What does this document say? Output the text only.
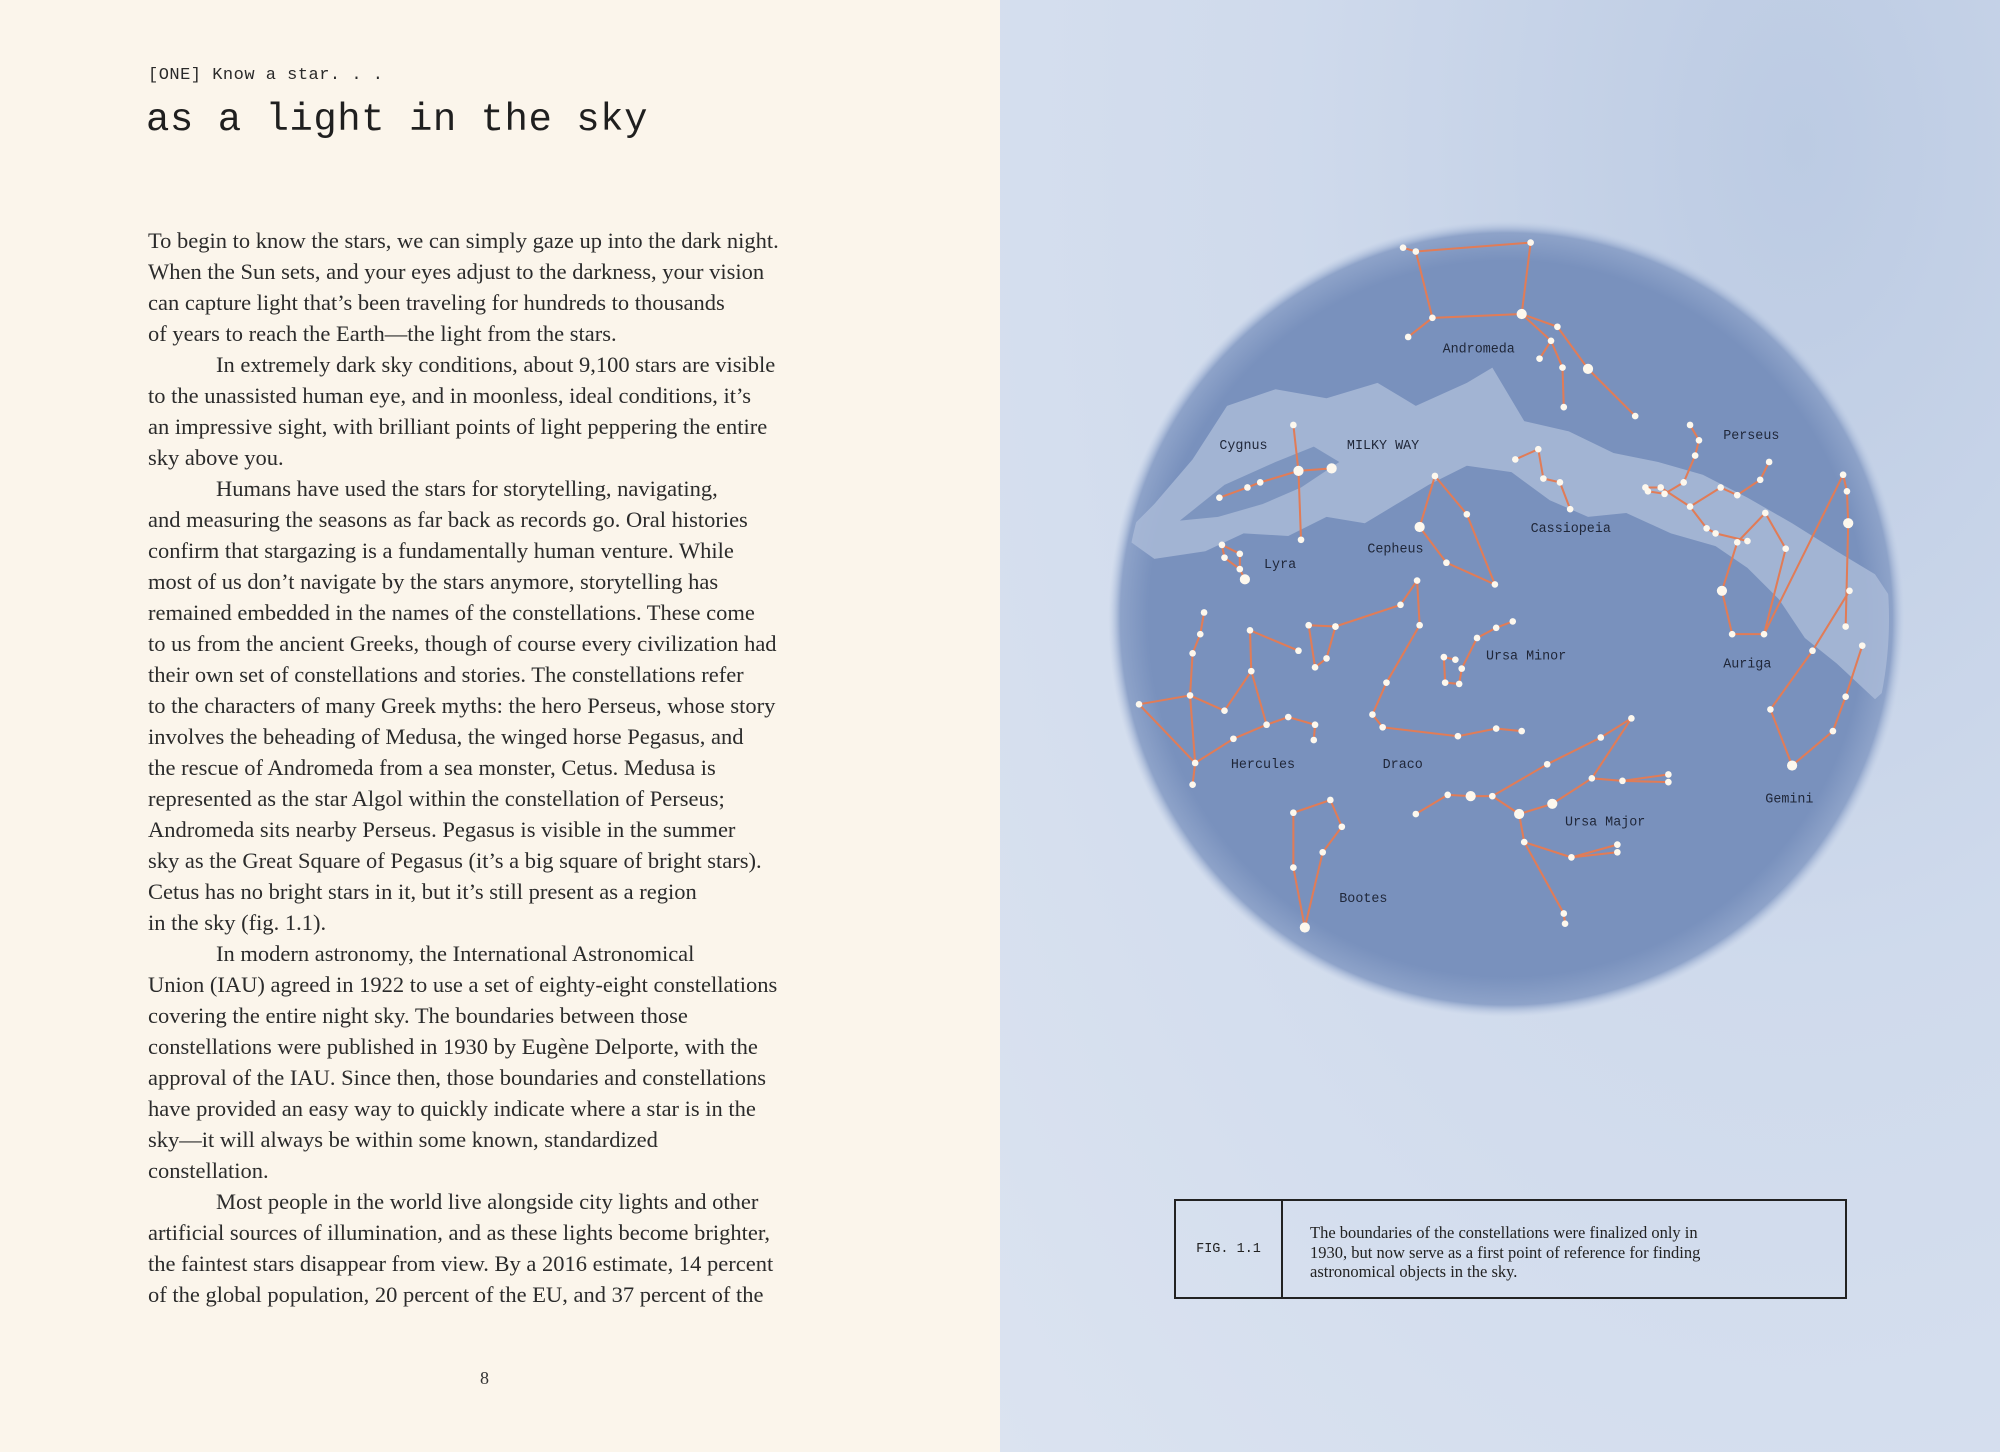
[ONE] Know a star. . .
as a light in the sky
To begin to know the stars, we can simply gaze up into the dark night.
When the Sun sets, and your eyes adjust to the darkness, your vision
can capture light that’s been traveling for hundreds to thousands
of years to reach the Earth—the light from the stars.
In extremely dark sky conditions, about 9,100 stars are visible
to the unassisted human eye, and in moonless, ideal conditions, it’s
an impressive sight, with brilliant points of light peppering the entire
sky above you.
Humans have used the stars for storytelling, navigating,
and measuring the seasons as far back as records go. Oral histories
confirm that stargazing is a fundamentally human venture. While
most of us don’t navigate by the stars anymore, storytelling has
remained embedded in the names of the constellations. These come
to us from the ancient Greeks, though of course every civilization had
their own set of constellations and stories. The constellations refer
to the characters of many Greek myths: the hero Perseus, whose story
involves the beheading of Medusa, the winged horse Pegasus, and
the rescue of Andromeda from a sea monster, Cetus. Medusa is
represented as the star Algol within the constellation of Perseus;
Andromeda sits nearby Perseus. Pegasus is visible in the summer
sky as the Great Square of Pegasus (it’s a big square of bright stars).
Cetus has no bright stars in it, but it’s still present as a region
in the sky (fig. 1.1).
In modern astronomy, the International Astronomical
Union (IAU) agreed in 1922 to use a set of eighty-eight constellations
covering the entire night sky. The boundaries between those
constellations were published in 1930 by Eugène Delporte, with the
approval of the IAU. Since then, those boundaries and constellations
have provided an easy way to quickly indicate where a star is in the
sky—it will always be within some known, standardized
constellation.
Most people in the world live alongside city lights and other
artificial sources of illumination, and as these lights become brighter,
the faintest stars disappear from view. By a 2016 estimate, 14 percent
of the global population, 20 percent of the EU, and 37 percent of the
8
Andromeda
Cygnus	MILKY WAY
Perseus
Cassiopeia
Cepheus
Lyra
Ursa Minor
Auriga
Hercules	Draco
Gemini
Ursa Major
Bootes
FIG. 1.1
The boundaries of the constellations were finalized only in
1930, but now serve as a first point of reference for finding
astronomical objects in the sky.
